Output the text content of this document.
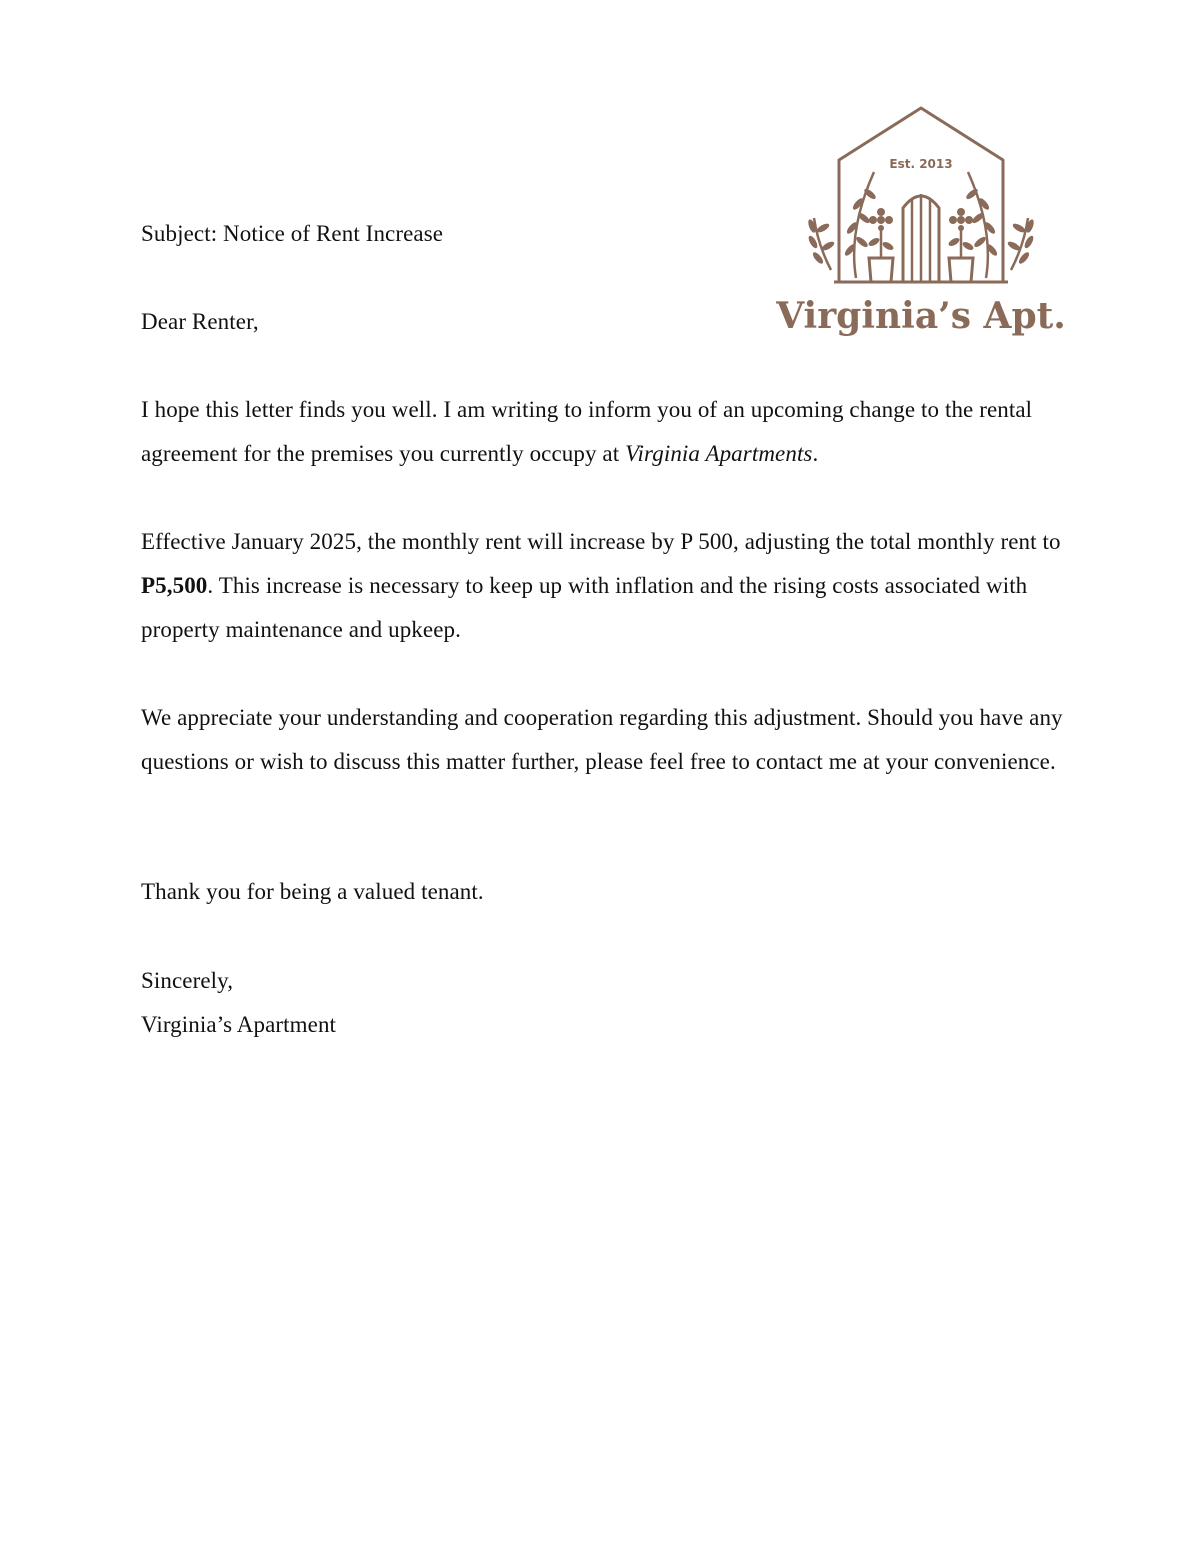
Est. 2013
Virginia’s Apt.
Subject: Notice of Rent Increase
Dear Renter,
I hope this letter finds you well. I am writing to inform you of an upcoming change to the rental agreement for the premises you currently occupy at Virginia Apartments.
Effective January 2025, the monthly rent will increase by P 500, adjusting the total monthly rent to P5,500. This increase is necessary to keep up with inflation and the rising costs associated with property maintenance and upkeep.
We appreciate your understanding and cooperation regarding this adjustment. Should you have any questions or wish to discuss this matter further, please feel free to contact me at your convenience.
Thank you for being a valued tenant.
Sincerely,
Virginia’s Apartment
